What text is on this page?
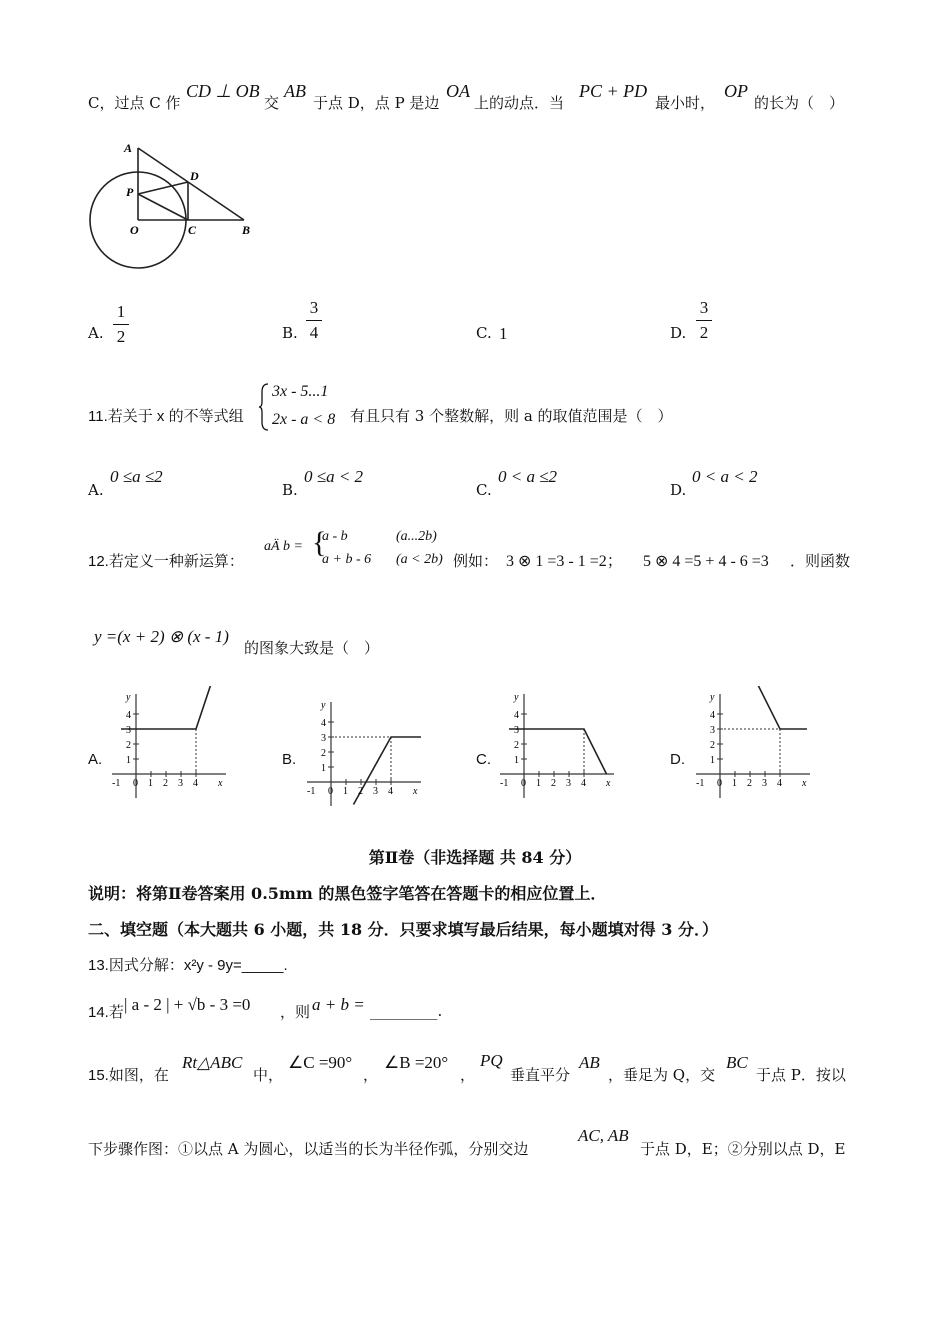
C，过点 C 作
CD ⊥ OB
交
AB
于点 D，点 P 是边
OA
上的动点．当
PC + PD
最小时，
OP
的长为（　）
A
D
P
O	C	B
A.
1
2	B.
3
4	C. 1	D.
3
2
11.若关于 x 的不等式组
3x - 5...1
2x - a < 8 有且只有 3 个整数解，则 a 的取值范围是（　）
A.
0 ≤a ≤2
B.
0 ≤a < 2
C.
0 < a ≤2
D.
0 < a < 2
12.若定义一种新运算：
aÄ b = {
a - b	(a...2b)
a + b - 6 (a < 2b) 例如： 3 ⊗ 1 =3 - 1 =2； 5 ⊗ 4 =5 + 4 - 6 =3 ．则函数
y =(x + 2) ⊗ (x - 1)
的图象大致是（　）
A.	B.	C.	D.
4
3
2
1
-1 0 1 2 3 4 x
y
4
3
2
1
-1 0 1 2 3 4 x
y
4
3
2
1
-1 0 1 2 3 4 x
y
4
3
2
1
-1 0 1 2 3 4 x
y
第Ⅱ卷（非选择题 共 84 分）
说明：将第Ⅱ卷答案用 0.5mm 的黑色签字笔答在答题卡的相应位置上．
二、填空题（本大题共 6 小题，共 18 分．只要求填写最后结果，每小题填对得 3 分．）
13.因式分解：x²y - 9y=_____.
14.若 | a - 2 | + √b - 3 =0 ，则 a + b = _________.
15.如图，在
Rt△ABC
中，
∠C =90°
，
∠B =20°
，
PQ
垂直平分
AB
，垂足为 Q，交
BC
于点 P．按以
下步骤作图：①以点 A 为圆心，以适当的长为半径作弧，分别交边
AC, AB
于点 D，E；②分别以点 D，E
